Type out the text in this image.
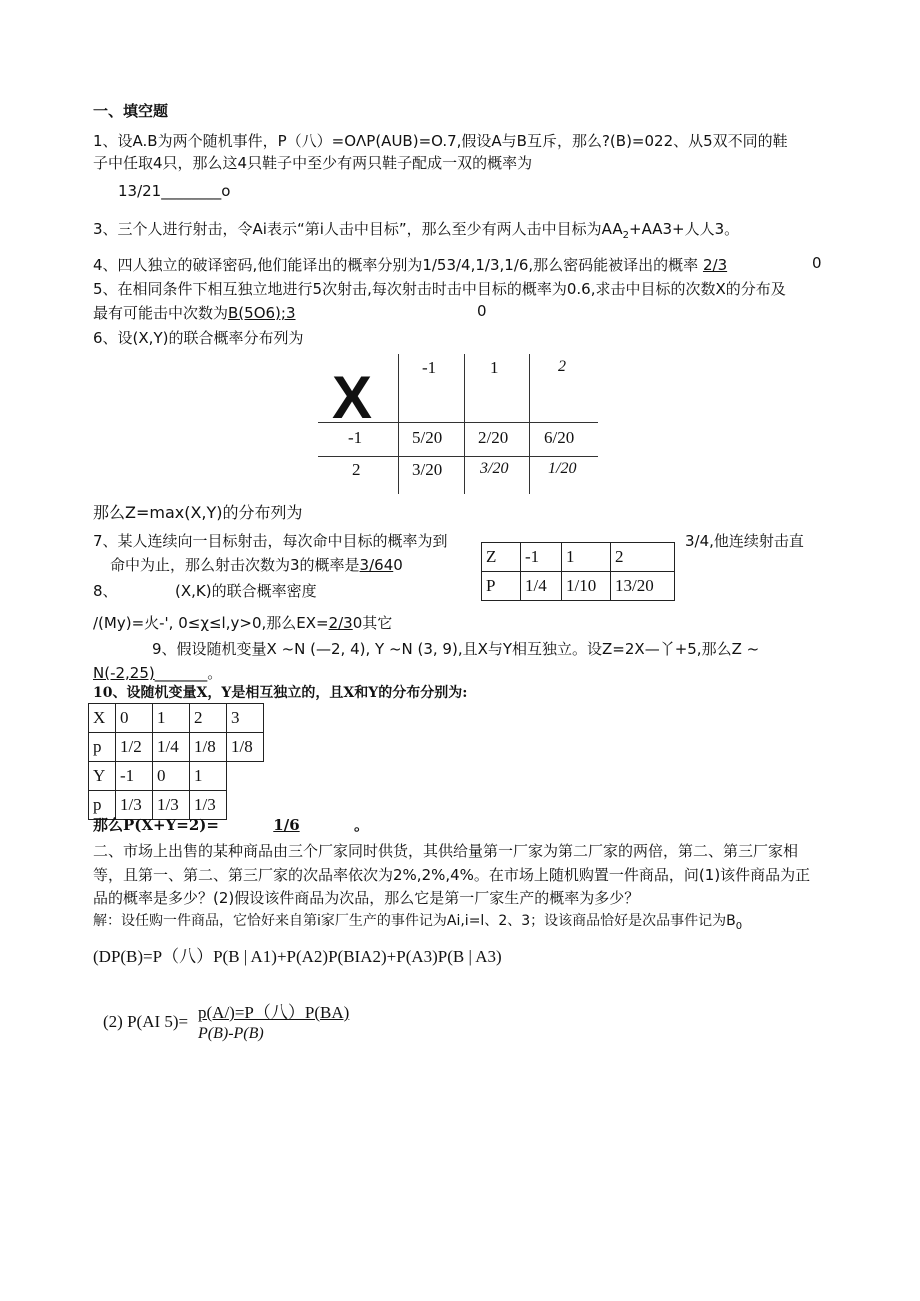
一、填空题
1、设A.B为两个随机事件，P（八）=OΛP(AUB)=O.7,假设A与B互斥，那么?(B)=022、从5双不同的鞋
子中任取4只，那么这4只鞋子中至少有两只鞋子配成一双的概率为
13/21________o
3、三个人进行射击，令Ai表示“第i人击中目标”，那么至少有两人击中目标为$AA_2+AA3+$人人3。
4、四人独立的破译密码,他们能译出的概率分别为1/53/4,1/3,1/6,那么密码能被译出的概率 2/3	0
5、在相同条件下相互独立地进行5次射击,每次射击时击中目标的概率为0.6,求击中目标的次数X的分布及
最有可能击中次数为B(5O6);3	0
6、设(X,Y)的联合概率分布列为
X	-1	1	2
-1	5/20 2/20 6/20
2	3/20 3/20 1/20
那么Z=max(X,Y)的分布列为
7、某人连续向一目标射击，每次命中目标的概率为到	3/4,他连续射击直
命中为止，那么射击次数为3的概率是3/640	Z	-1	1	2
P	1/4	1/10	13/20
8、	(X,K)的联合概率密度
/(My)=火-', 0≤χ≤l,y>0,那么EX=2/30其它
9、假设随机变量X ~N (—2, 4), Y ~N (3, 9),且X与Y相互独立。设Z=2X—丫+5,那么Z ~
N(-2,25)_______。
10、设随机变量X，Y是相互独立的，且X和Y的分布分别为:
X	0	1	2	3
p	1/2	1/4	1/8	1/8
Y	-1	0	1	
p	1/3	1/3	1/3	
那么P(X+Y=2)=	1/6	。
二、市场上出售的某种商品由三个厂家同时供货，其供给量第一厂家为第二厂家的两倍，第二、第三厂家相
等，且第一、第二、第三厂家的次品率依次为2%,2%,4%。在市场上随机购置一件商品，问(1)该件商品为正
品的概率是多少？(2)假设该件商品为次品，那么它是第一厂家生产的概率为多少？
解：设任购一件商品，它恰好来自第i家厂生产的事件记为Ai,i=l、2、3；设该商品恰好是次品事件记为$B_0$
(DP(B)=P（八）P(B | A1)+P(A2)P(BIA2)+P(A3)P(B | A3)
(2) P(AI 5)= p(A/)=P（八）P(BA)
P(B)-P(B)
